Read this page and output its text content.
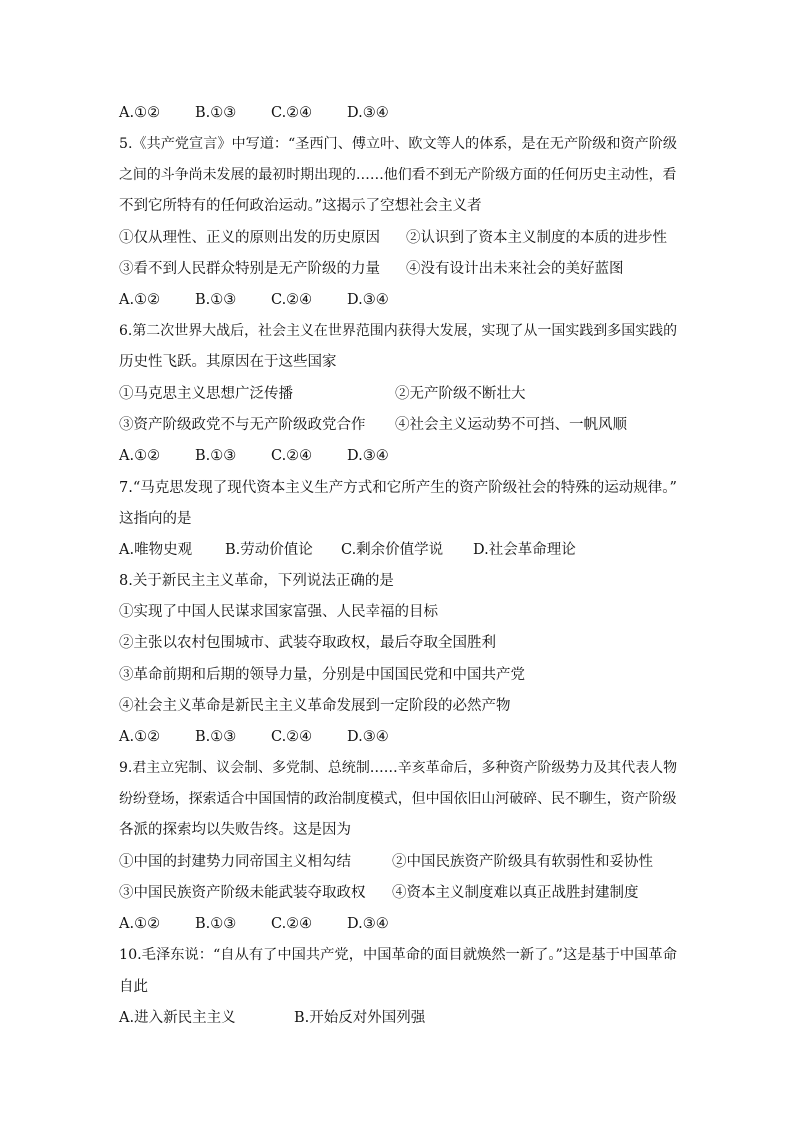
A.①② B.①③ C.②④ D.③④
5.《共产党宣言》中写道：“圣西门、傅立叶、欧文等人的体系，是在无产阶级和资产阶级
之间的斗争尚未发展的最初时期出现的……他们看不到无产阶级方面的任何历史主动性，看
不到它所特有的任何政治运动。”这揭示了空想社会主义者
①仅从理性、正义的原则出发的历史原因 ②认识到了资本主义制度的本质的进步性
③看不到人民群众特别是无产阶级的力量 ④没有设计出未来社会的美好蓝图
A.①② B.①③ C.②④ D.③④
6.第二次世界大战后，社会主义在世界范围内获得大发展，实现了从一国实践到多国实践的
历史性飞跃。其原因在于这些国家
①马克思主义思想广泛传播	②无产阶级不断壮大
③资产阶级政党不与无产阶级政党合作 ④社会主义运动势不可挡、一帆风顺
A.①② B.①③ C.②④ D.③④
7.“马克思发现了现代资本主义生产方式和它所产生的资产阶级社会的特殊的运动规律。”
这指向的是
A.唯物史观 B.劳动价值论 C.剩余价值学说 D.社会革命理论
8.关于新民主主义革命，下列说法正确的是
①实现了中国人民谋求国家富强、人民幸福的目标
②主张以农村包围城市、武装夺取政权，最后夺取全国胜利
③革命前期和后期的领导力量，分别是中国国民党和中国共产党
④社会主义革命是新民主主义革命发展到一定阶段的必然产物
A.①② B.①③ C.②④ D.③④
9.君主立宪制、议会制、多党制、总统制……辛亥革命后，多种资产阶级势力及其代表人物
纷纷登场，探索适合中国国情的政治制度模式，但中国依旧山河破碎、民不聊生，资产阶级
各派的探索均以失败告终。这是因为
①中国的封建势力同帝国主义相勾结	②中国民族资产阶级具有软弱性和妥协性
③中国民族资产阶级未能武装夺取政权 ④资本主义制度难以真正战胜封建制度
A.①② B.①③ C.②④ D.③④
10.毛泽东说：“自从有了中国共产党，中国革命的面目就焕然一新了。”这是基于中国革命
自此
A.进入新民主主义	B.开始反对外国列强
